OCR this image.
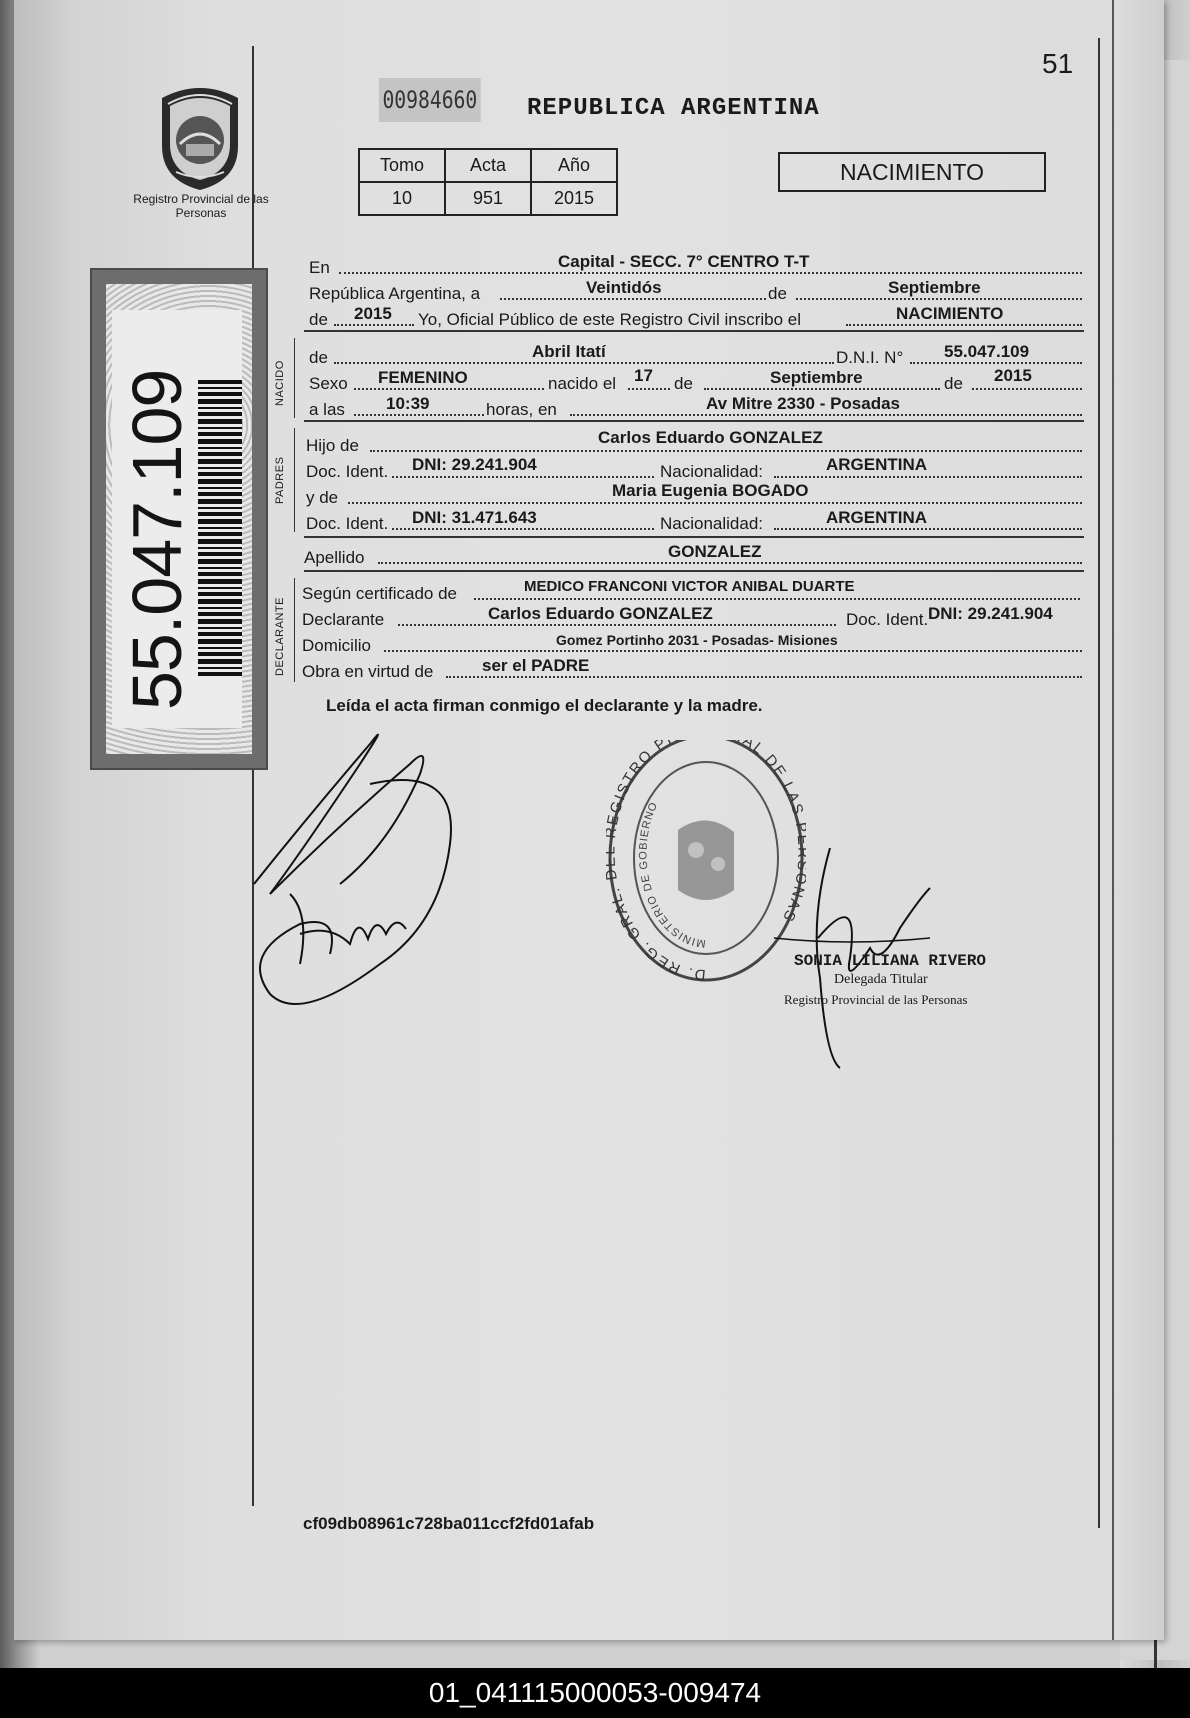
51
Registro Provincial de las Personas
55.047.109
00984660 REPUBLICA ARGENTINA
Tomo	Acta	Año
10	951	2015
NACIMIENTO
En	Capital - SECC. 7° CENTRO T-T
República Argentina, a	Veintidós	de	Septiembre
de 2015 Yo, Oficial Público de este Registro Civil inscribo el	NACIMIENTO
NACIDO
de	Abril Itatí	D.N.I. N° 55.047.109
Sexo FEMENINO	nacido el 17 de	Septiembre	de 2015
a las 10:39	horas, en	Av Mitre 2330 - Posadas
PADRES
Hijo de	Carlos Eduardo GONZALEZ
Doc. Ident. DNI: 29.241.904	Nacionalidad:	ARGENTINA
y de	Maria Eugenia BOGADO
Doc. Ident. DNI: 31.471.643	Nacionalidad:	ARGENTINA
Apellido	GONZALEZ
DECLARANTE
Según certificado de	MEDICO FRANCONI VICTOR ANIBAL DUARTE
Declarante	Carlos Eduardo GONZALEZ	Doc. Ident. DNI: 29.241.904
Domicilio	Gomez Portinho 2031 - Posadas- Misiones
Obra en virtud de	ser el PADRE
Leída el acta firman conmigo el declarante y la madre.
D. REG. GRAL. GISTRO P AL DE LAS NAS
MINISTERIO DE GOBIERNO
SONIA LILIANA RIVERO
Delegada Titular
Registro Provincial de las Personas
cf09db08961c728ba011ccf2fd01afab
01_041115000053-009474
